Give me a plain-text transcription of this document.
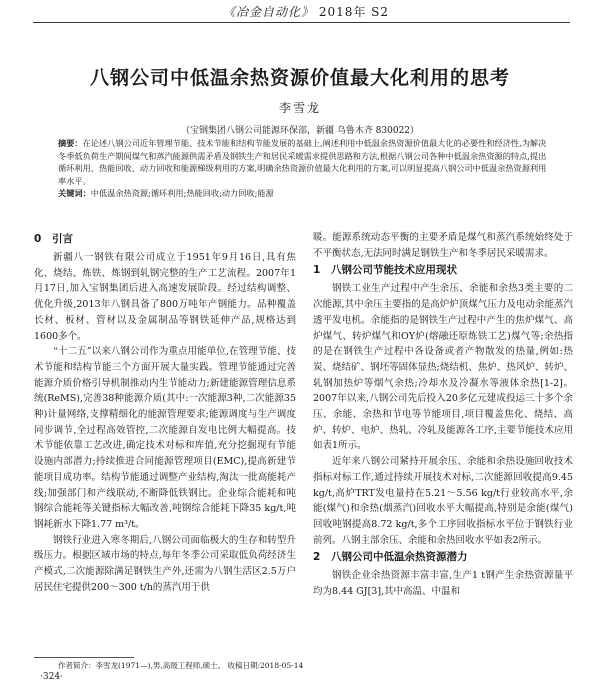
《冶金自动化》 2018年 S2
八钢公司中低温余热资源价值最大化利用的思考
李雪龙
（宝钢集团八钢公司能源环保部，新疆 乌鲁木齐 830022）
摘要：在论述八钢公司近年管理节能、技术节能和结构节能发展的基础上,阐述利用中低温余热资源价值最大化的必要性和经济性,为解决冬季低负荷生产期间煤气和蒸汽能源供需矛盾及钢铁生产和居民采暖需求提供思路和方法,根据八钢公司各种中低温余热资源的特点,提出循环利用、热能回收、动力回收和能源梯级利用的方案,明确余热资源价值最大化利用的方案,可以明显提高八钢公司中低温余热资源利用率水平。
关键词：中低温余热资源;循环利用;热能回收;动力回收;能源
0 引言

新疆八一钢铁有限公司成立于1951年9月16日,具有焦化、烧结、炼铁、炼钢到轧钢完整的生产工艺流程。2007年1月17日,加入宝钢集团后进入高速发展阶段。经过结构调整、优化升级,2013年八钢具备了800万吨年产钢能力。品种覆盖长材、板材、管材以及金属制品等钢铁延伸产品,规格达到1600多个。

“十二五”以来八钢公司作为重点用能单位,在管理节能、技术节能和结构节能三个方面开展大量实践。管理节能通过完善能源介质价格引导机制推动内生节能动力;新建能源管理信息系统(ReMS),完善38种能源介质(其中:一次能源3种,二次能源35种)计量网络,支撑精细化的能源管理要求;能源调度与生产调度同步调节,全过程高效管控,二次能源自发电比例大幅提高。技术节能依靠工艺改进,确定技术对标和库值,充分挖掘现有节能设施内部潜力;持续推进合同能源管理项目(EMC),提高新建节能项目成功率。结构节能通过调整产业结构,淘汰一批高能耗产线;加强部门和产线联动,不断降低铁钢比。企业综合能耗和吨钢综合能耗等关键指标大幅改善,吨钢综合能耗下降35 kg/t,吨钢耗新水下降1.77 m³/t。

钢铁行业进入寒冬期后,八钢公司面临极大的生存和转型升级压力。根据区域市场的特点,每年冬季公司采取低负荷经济生产模式,二次能源除满足钢铁生产外,还需为八钢生活区2.5万户居民住宅提供200～300 t/h的蒸汽用于供

暖。能源系统动态平衡的主要矛盾是煤气和蒸汽系统始终处于不平衡状态,无法同时满足钢铁生产和冬季居民采暖需求。

1 八钢公司节能技术应用现状

钢铁工业生产过程中产生余压、余能和余热3类主要的二次能源,其中余压主要指的是高炉炉顶煤气压力及电动余能蒸汽透平发电机。余能指的是钢铁生产过程中产生的焦炉煤气、高炉煤气、转炉煤气和OY炉(熔融还原炼铁工艺)煤气等;余热指的是在钢铁生产过程中各设备或者产物散发的热量,例如:热炭、烧结矿、钢坯等固体显热;烧结机、焦炉、热风炉、转炉、轧钢加热炉等烟气余热;冷却水及冷凝水等液体余热[1-2]。2007年以来,八钢公司先后投入20多亿元建成投运三十多个余压、余能、余热和节电等节能项目,项目覆盖焦化、烧结、高炉、转炉、电炉、热轧、冷轧及能源各工序,主要节能技术应用如表1所示。

近年来八钢公司紧持开展余压、余能和余热设施回收技术指标对标工作,通过持续开展技术对标,二次能源回收提高9.45 kg/t,高炉TRT发电量持在5.21～5.56 kg/t行业较高水平,余能(煤气)和余热(烟蒸汽)回收水平大幅提高,特别是余能(煤气)回收吨钢提高8.72 kg/t,多个工序回收指标水平位于钢铁行业前列。八钢主部余压、余能和余热回收水平如表2所示。

2 八钢公司中低温余热资源潜力

钢铁企业余热资源丰富丰富,生产1 t钢产生余热资源量平均为8.44 GJ[3],其中高温、中温和

作者简介：李雪龙(1971—),男,高级工程师,硕士。 收稿日期:2018-05-14
·324·
